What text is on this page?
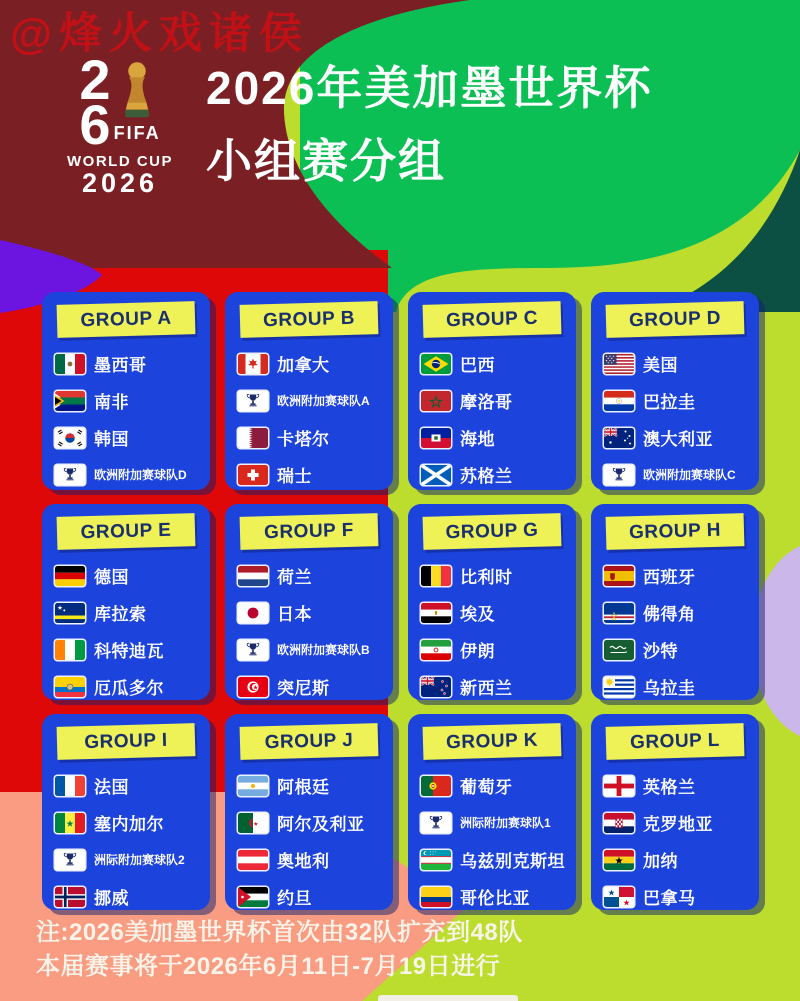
@烽火戏诸侯
2
6 FIFA
WORLD CUP
2026
2026年美加墨世界杯
小组赛分组
GROUP A
墨西哥
南非
韩国
欧洲附加赛球队D
GROUP B
加拿大
欧洲附加赛球队A
卡塔尔
瑞士
GROUP C
巴西
摩洛哥
海地
苏格兰
GROUP D
美国
巴拉圭
澳大利亚
欧洲附加赛球队C
GROUP E
德国
库拉索
科特迪瓦
厄瓜多尔
GROUP F
荷兰
日本
欧洲附加赛球队B
突尼斯
GROUP G
比利时
埃及
伊朗
新西兰
GROUP H
西班牙
佛得角
沙特
乌拉圭
GROUP I
法国
塞内加尔
洲际附加赛球队2
挪威
GROUP J
阿根廷
阿尔及利亚
奥地利
约旦
GROUP K
葡萄牙
洲际附加赛球队1
乌兹别克斯坦
哥伦比亚
GROUP L
英格兰
克罗地亚
加纳
巴拿马
注:2026美加墨世界杯首次由32队扩充到48队
本届赛事将于2026年6月11日-7月19日进行
